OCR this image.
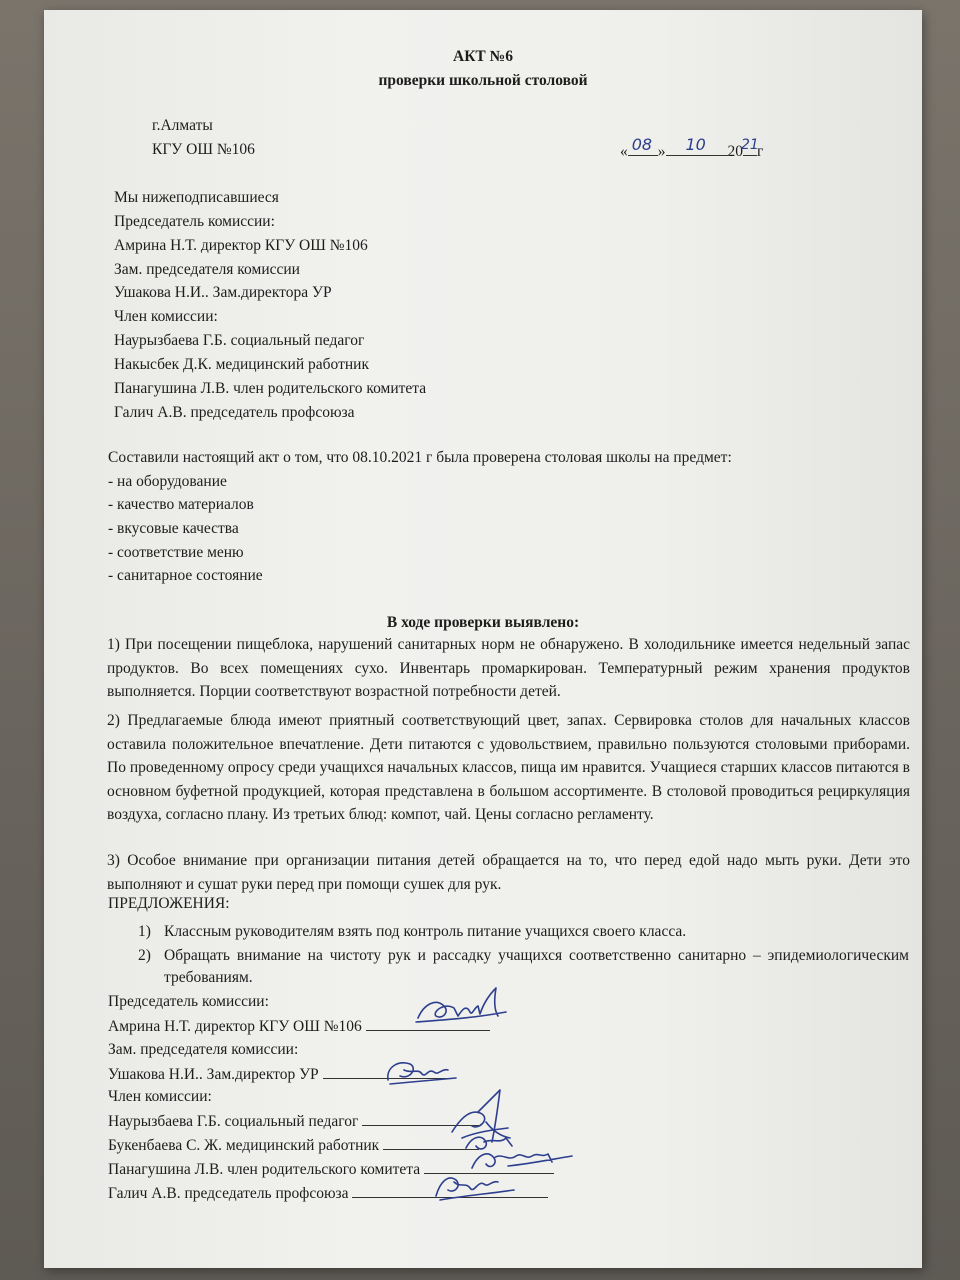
АКТ №6
проверки школьной столовой
г.Алматы
КГУ ОШ №106	« 08 » 10 20
21
г
Мы нижеподписавшиеся
Председатель комиссии:
Амрина Н.Т. директор КГУ ОШ №106
Зам. председателя комиссии
Ушакова Н.И.. Зам.директора УР
Член комиссии:
Наурызбаева Г.Б. социальный педагог
Накысбек Д.К. медицинский работник
Панагушина Л.В. член родительского комитета
Галич А.В. председатель профсоюза
Составили настоящий акт о том, что 08.10.2021 г была проверена столовая школы на предмет:
- на оборудование
- качество материалов
- вкусовые качества
- соответствие меню
- санитарное состояние
В ходе проверки выявлено:
1) При посещении пищеблока, нарушений санитарных норм не обнаружено. В холодильнике имеется недельный запас продуктов. Во всех помещениях сухо. Инвентарь промаркирован. Температурный режим хранения продуктов выполняется. Порции соответствуют возрастной потребности детей.
2) Предлагаемые блюда имеют приятный соответствующий цвет, запах. Сервировка столов для начальных классов оставила положительное впечатление. Дети питаются с удовольствием, правильно пользуются столовыми приборами. По проведенному опросу среди учащихся начальных классов, пища им нравится. Учащиеся старших классов питаются в основном буфетной продукцией, которая представлена в большом ассортименте. В столовой проводиться рециркуляция воздуха, согласно плану. Из третьих блюд: компот, чай. Цены согласно регламенту.
3) Особое внимание при организации питания детей обращается на то, что перед едой надо мыть руки. Дети это выполняют и сушат руки перед при помощи сушек для рук.
ПРЕДЛОЖЕНИЯ:
1) Классным руководителям взять под контроль питание учащихся своего класса.
2) Обращать внимание на чистоту рук и рассадку учащихся соответственно санитарно – эпидемиологическим требованиям.
Председатель комиссии:
Амрина Н.Т. директор КГУ ОШ №106
Зам. председателя комиссии:
Ушакова Н.И.. Зам.директор УР
Член комиссии:
Наурызбаева Г.Б. социальный педагог
Букенбаева С. Ж. медицинский работник
Панагушина Л.В. член родительского комитета
Галич А.В. председатель профсоюза
